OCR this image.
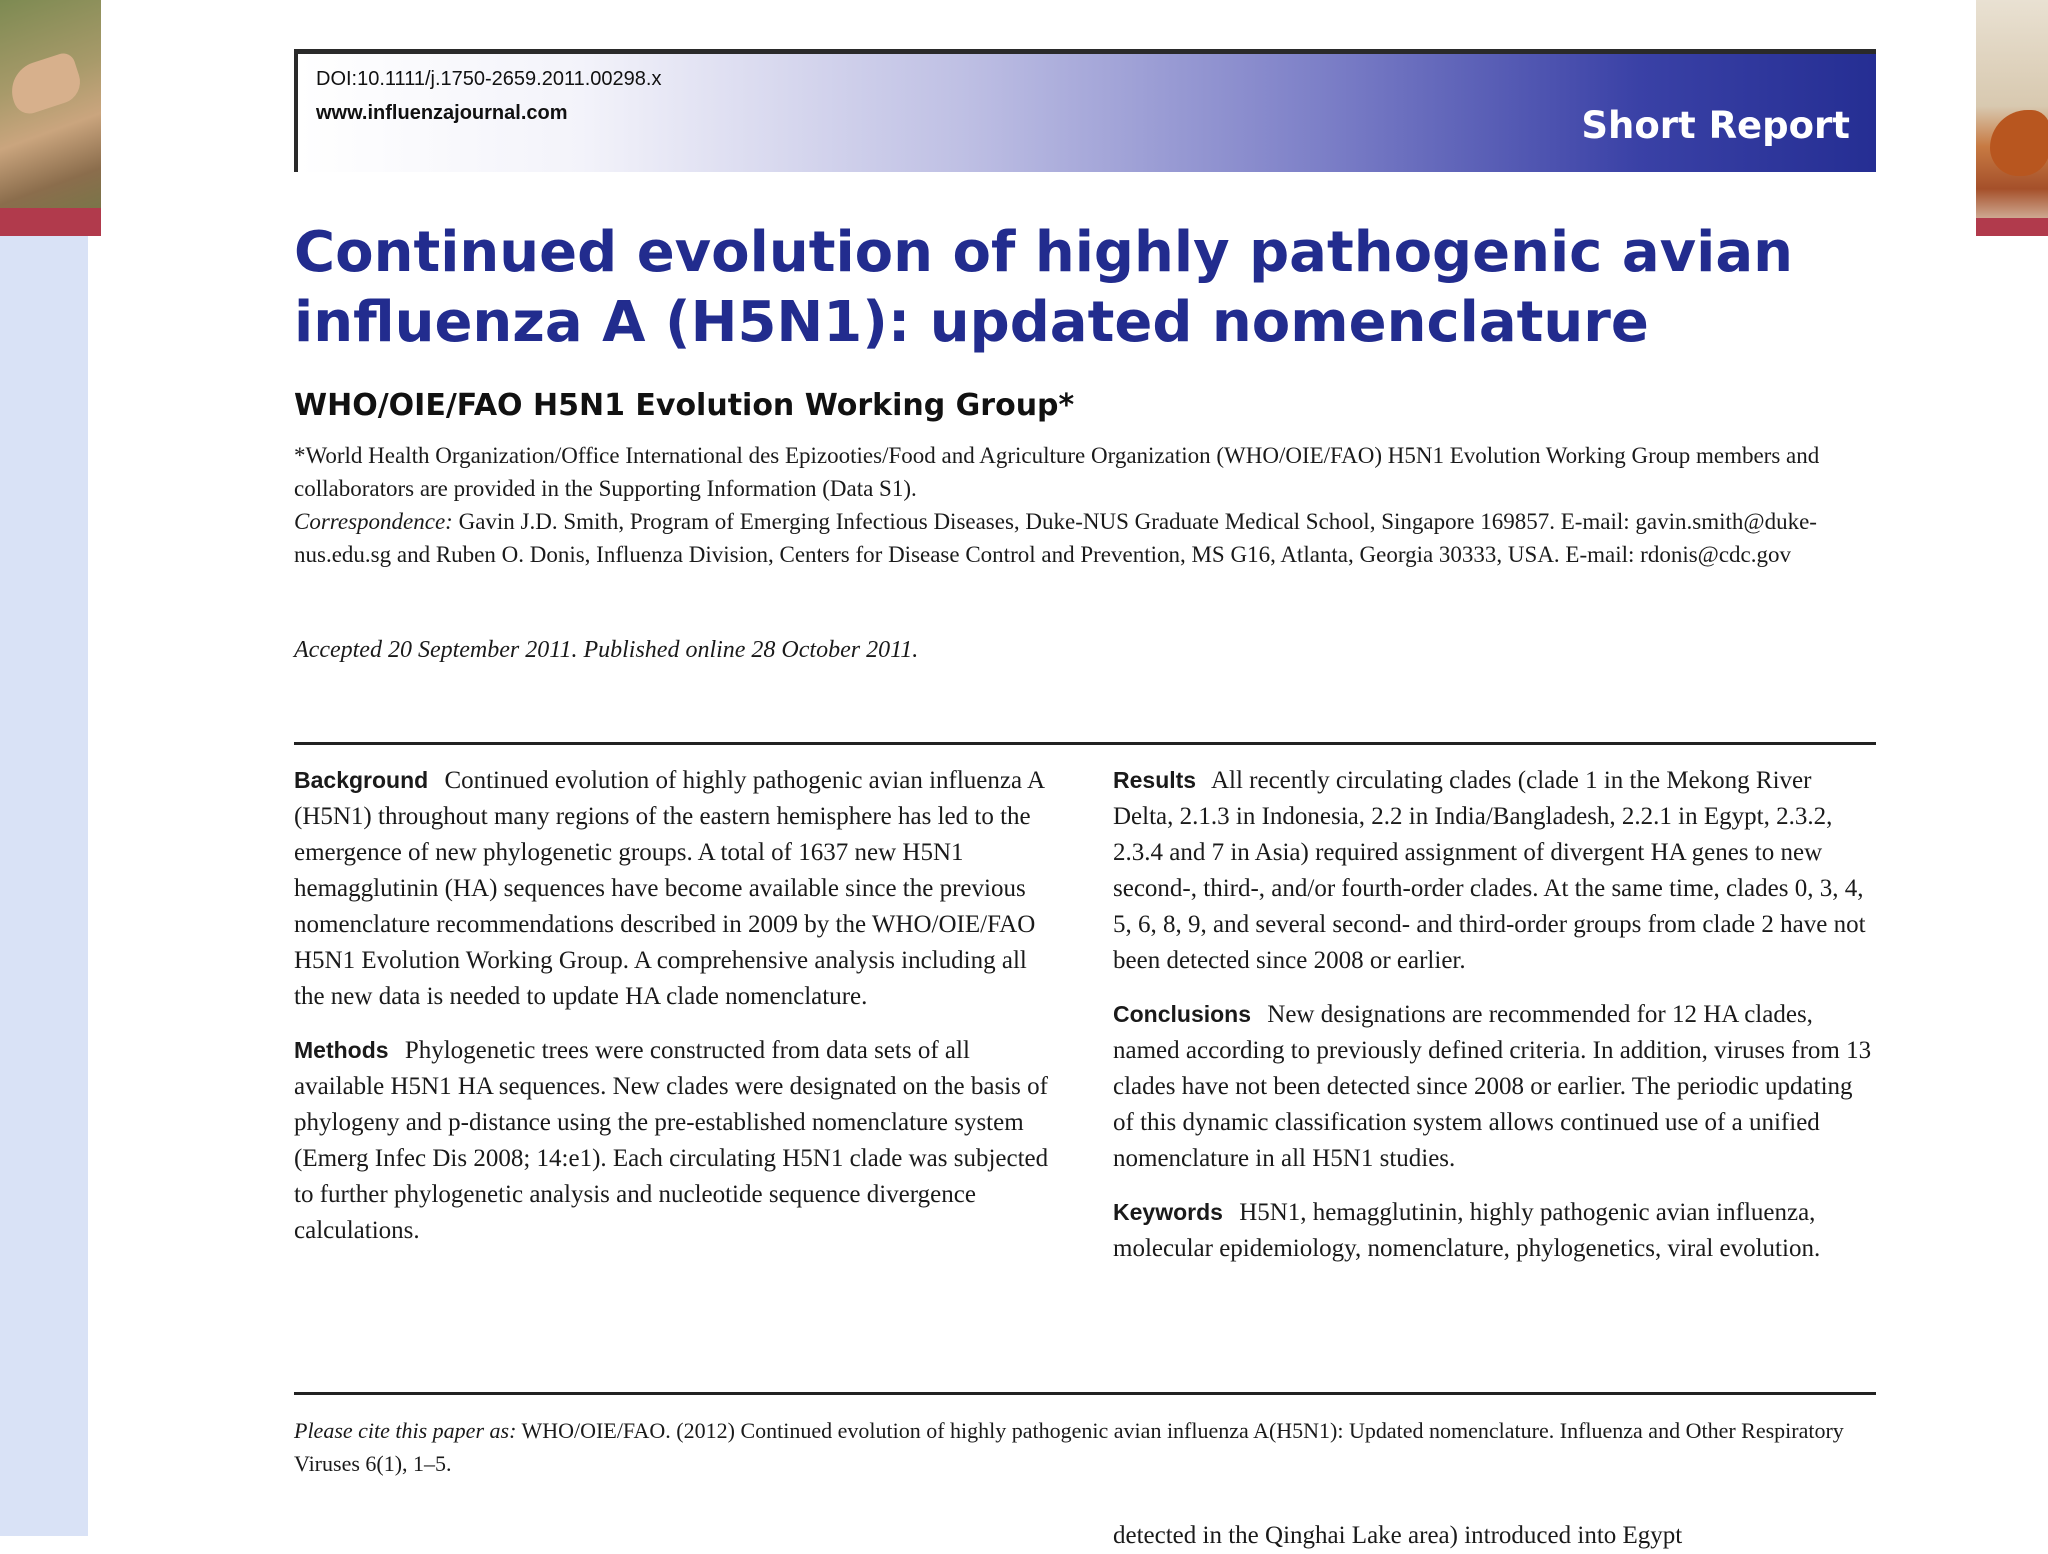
DOI:10.1111/j.1750-2659.2011.00298.x
www.influenzajournal.com	Short Report
Continued evolution of highly pathogenic avian influenza A (H5N1): updated nomenclature
WHO/OIE/FAO H5N1 Evolution Working Group*

*World Health Organization/Office International des Epizooties/Food and Agriculture Organization (WHO/OIE/FAO) H5N1 Evolution Working Group members and collaborators are provided in the Supporting Information (Data S1).

Correspondence: Gavin J.D. Smith, Program of Emerging Infectious Diseases, Duke-NUS Graduate Medical School, Singapore 169857. E-mail: gavin.smith@duke-nus.edu.sg and Ruben O. Donis, Influenza Division, Centers for Disease Control and Prevention, MS G16, Atlanta, Georgia 30333, USA. E-mail: rdonis@cdc.gov

Accepted 20 September 2011. Published online 28 October 2011.

Background Continued evolution of highly pathogenic avian influenza A (H5N1) throughout many regions of the eastern hemisphere has led to the emergence of new phylogenetic groups. A total of 1637 new H5N1 hemagglutinin (HA) sequences have become available since the previous nomenclature recommendations described in 2009 by the WHO/OIE/FAO H5N1 Evolution Working Group. A comprehensive analysis including all the new data is needed to update HA clade nomenclature.

Methods Phylogenetic trees were constructed from data sets of all available H5N1 HA sequences. New clades were designated on the basis of phylogeny and p-distance using the pre-established nomenclature system (Emerg Infec Dis 2008; 14:e1). Each circulating H5N1 clade was subjected to further phylogenetic analysis and nucleotide sequence divergence calculations.

Results All recently circulating clades (clade 1 in the Mekong River Delta, 2.1.3 in Indonesia, 2.2 in India/Bangladesh, 2.2.1 in Egypt, 2.3.2, 2.3.4 and 7 in Asia) required assignment of divergent HA genes to new second-, third-, and/or fourth-order clades. At the same time, clades 0, 3, 4, 5, 6, 8, 9, and several second- and third-order groups from clade 2 have not been detected since 2008 or earlier.

Conclusions New designations are recommended for 12 HA clades, named according to previously defined criteria. In addition, viruses from 13 clades have not been detected since 2008 or earlier. The periodic updating of this dynamic classification system allows continued use of a unified nomenclature in all H5N1 studies.

Keywords H5N1, hemagglutinin, highly pathogenic avian influenza, molecular epidemiology, nomenclature, phylogenetics, viral evolution.

Please cite this paper as: WHO/OIE/FAO. (2012) Continued evolution of highly pathogenic avian influenza A(H5N1): Updated nomenclature. Influenza and Other Respiratory Viruses 6(1), 1–5.

detected in the Qinghai Lake area) introduced into Egypt
